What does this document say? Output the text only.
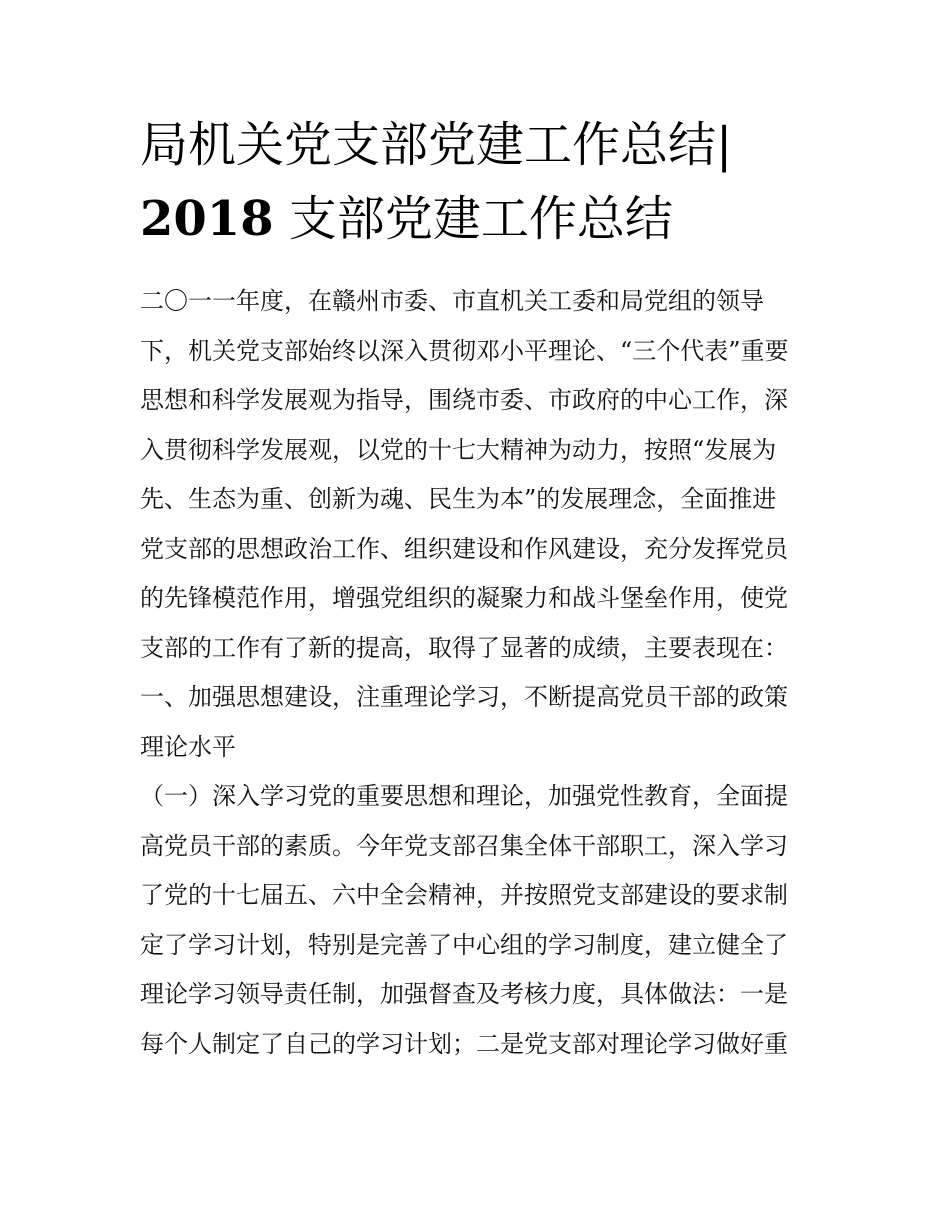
局机关党支部党建工作总结|
2018 支部党建工作总结
二〇一一年度，在赣州市委、市直机关工委和局党组的领导
下，机关党支部始终以深入贯彻邓小平理论、“三个代表”重要
思想和科学发展观为指导，围绕市委、市政府的中心工作，深
入贯彻科学发展观，以党的十七大精神为动力，按照“发展为
先、生态为重、创新为魂、民生为本”的发展理念，全面推进
党支部的思想政治工作、组织建设和作风建设，充分发挥党员
的先锋模范作用，增强党组织的凝聚力和战斗堡垒作用，使党
支部的工作有了新的提高，取得了显著的成绩，主要表现在：
一、加强思想建设，注重理论学习，不断提高党员干部的政策
理论水平
（一）深入学习党的重要思想和理论，加强党性教育，全面提
高党员干部的素质。今年党支部召集全体干部职工，深入学习
了党的十七届五、六中全会精神，并按照党支部建设的要求制
定了学习计划，特别是完善了中心组的学习制度，建立健全了
理论学习领导责任制，加强督查及考核力度，具体做法：一是
每个人制定了自己的学习计划；二是党支部对理论学习做好重
